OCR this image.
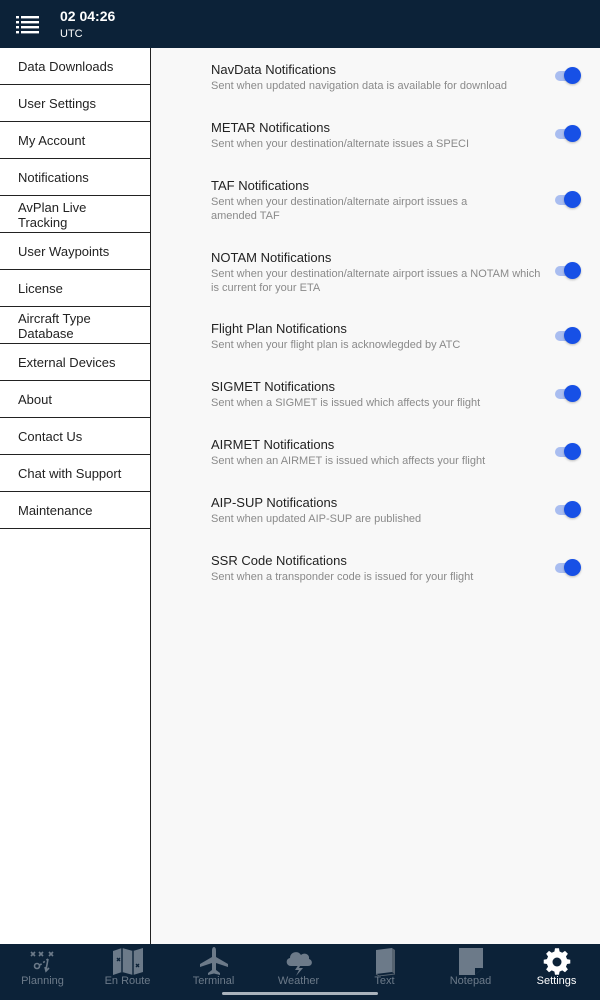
02 04:26
UTC
Data Downloads
User Settings
My Account
Notifications
AvPlan Live Tracking
User Waypoints
License
Aircraft Type Database
External Devices
About
Contact Us
Chat with Support
Maintenance
NavData Notifications
Sent when updated navigation data is available for download
METAR Notifications
Sent when your destination/alternate issues a SPECI
TAF Notifications
Sent when your destination/alternate airport issues a amended TAF
NOTAM Notifications
Sent when your destination/alternate airport issues a NOTAM which is current for your ETA
Flight Plan Notifications
Sent when your flight plan is acknowlegded by ATC
SIGMET Notifications
Sent when a SIGMET is issued which affects your flight
AIRMET Notifications
Sent when an AIRMET is issued which affects your flight
AIP-SUP Notifications
Sent when updated AIP-SUP are published
SSR Code Notifications
Sent when a transponder code is issued for your flight
Planning	En Route	Terminal	Weather	Text	Notepad	Settings
